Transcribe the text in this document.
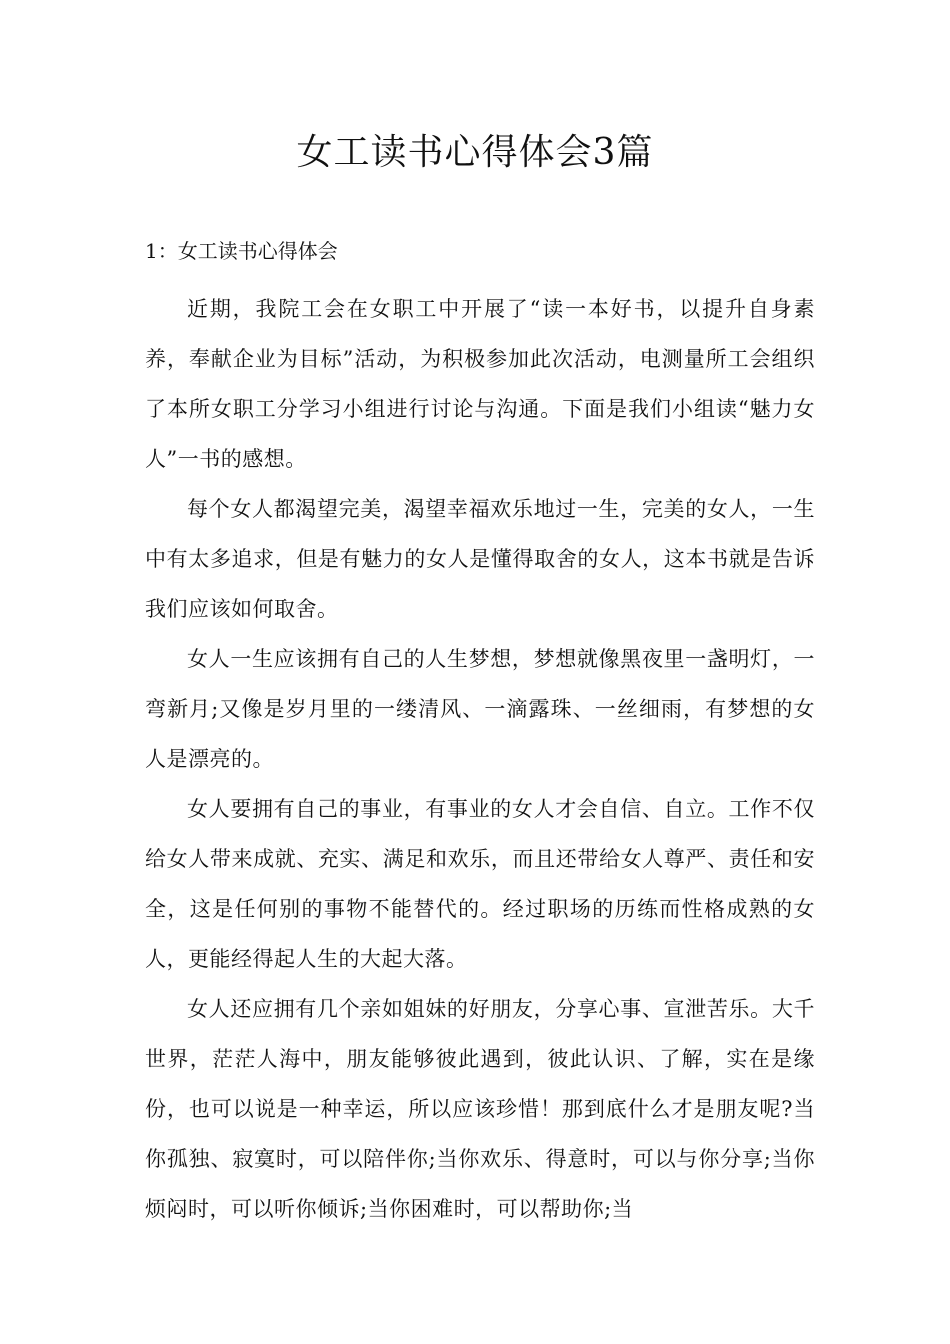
女工读书心得体会3篇
1：女工读书心得体会

近期，我院工会在女职工中开展了“读一本好书，以提升自身素养，奉献企业为目标”活动，为积极参加此次活动，电测量所工会组织了本所女职工分学习小组进行讨论与沟通。下面是我们小组读“魅力女人”一书的感想。

每个女人都渴望完美，渴望幸福欢乐地过一生，完美的女人，一生中有太多追求，但是有魅力的女人是懂得取舍的女人，这本书就是告诉我们应该如何取舍。

女人一生应该拥有自己的人生梦想，梦想就像黑夜里一盏明灯，一弯新月;又像是岁月里的一缕清风、一滴露珠、一丝细雨，有梦想的女人是漂亮的。

女人要拥有自己的事业，有事业的女人才会自信、自立。工作不仅给女人带来成就、充实、满足和欢乐，而且还带给女人尊严、责任和安全，这是任何别的事物不能替代的。经过职场的历练而性格成熟的女人，更能经得起人生的大起大落。

女人还应拥有几个亲如姐妹的好朋友，分享心事、宣泄苦乐。大千世界，茫茫人海中，朋友能够彼此遇到，彼此认识、了解，实在是缘份，也可以说是一种幸运，所以应该珍惜！那到底什么才是朋友呢?当你孤独、寂寞时，可以陪伴你;当你欢乐、得意时，可以与你分享;当你烦闷时，可以听你倾诉;当你困难时，可以帮助你;当
